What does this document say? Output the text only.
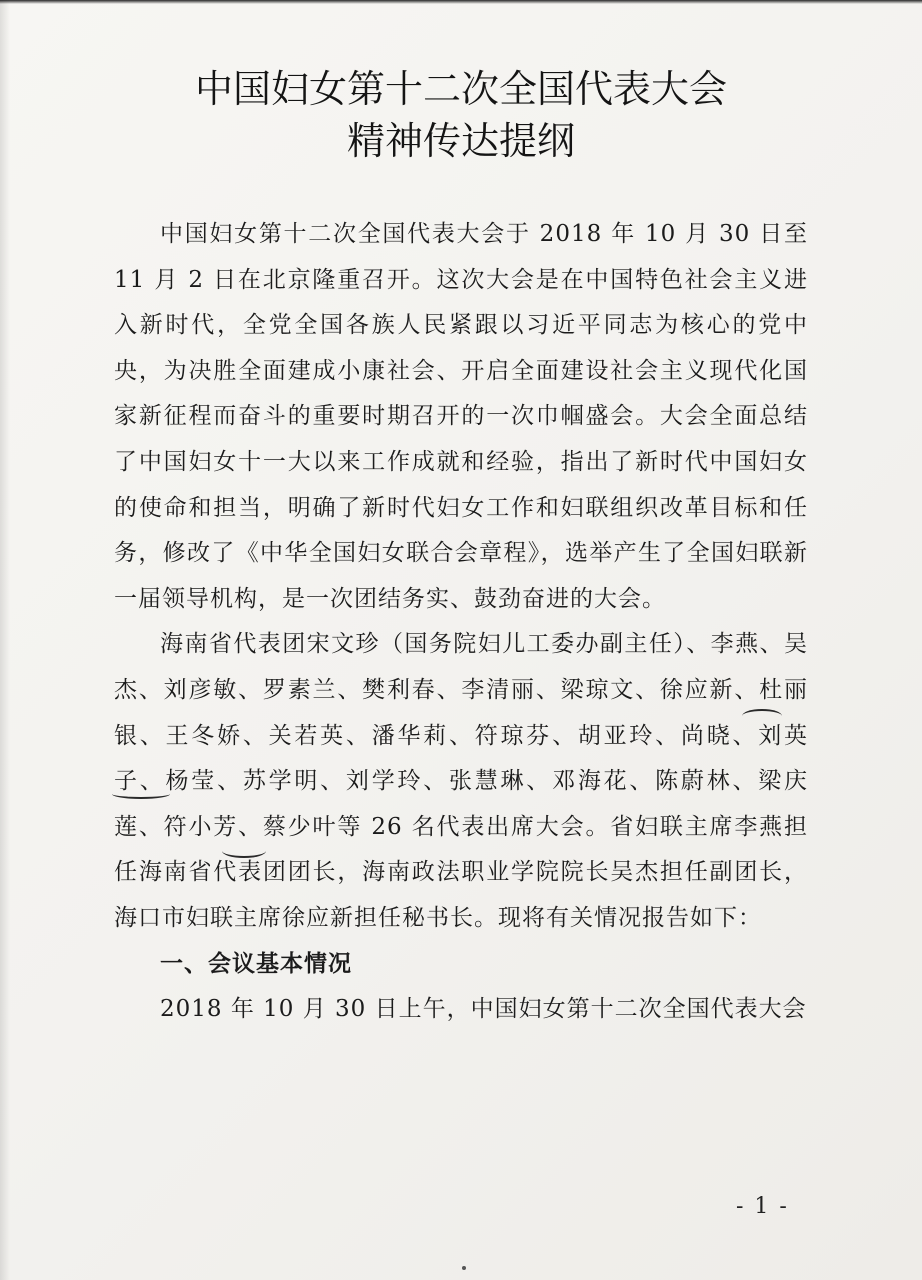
中国妇女第十二次全国代表大会
精神传达提纲

中国妇女第十二次全国代表大会于 2018 年 10 月 30 日至 11 月 2 日在北京隆重召开。这次大会是在中国特色社会主义进入新时代，全党全国各族人民紧跟以习近平同志为核心的党中央，为决胜全面建成小康社会、开启全面建设社会主义现代化国家新征程而奋斗的重要时期召开的一次巾帼盛会。大会全面总结了中国妇女十一大以来工作成就和经验，指出了新时代中国妇女的使命和担当，明确了新时代妇女工作和妇联组织改革目标和任务，修改了《中华全国妇女联合会章程》，选举产生了全国妇联新一届领导机构，是一次团结务实、鼓劲奋进的大会。

海南省代表团宋文珍（国务院妇儿工委办副主任）、李燕、吴杰、刘彦敏、罗素兰、樊利春、李清丽、梁琼文、徐应新、杜丽银、王冬娇、关若英、潘华莉、符琼芬、胡亚玲、尚晓、刘英子、杨莹、苏学明、刘学玲、张慧琳、邓海花、陈蔚林、梁庆莲、符小芳、蔡少叶等 26 名代表出席大会。省妇联主席李燕担任海南省代表团团长，海南政法职业学院院长吴杰担任副团长，海口市妇联主席徐应新担任秘书长。现将有关情况报告如下：

一、会议基本情况

2018 年 10 月 30 日上午，中国妇女第十二次全国代表大会

- 1 -
